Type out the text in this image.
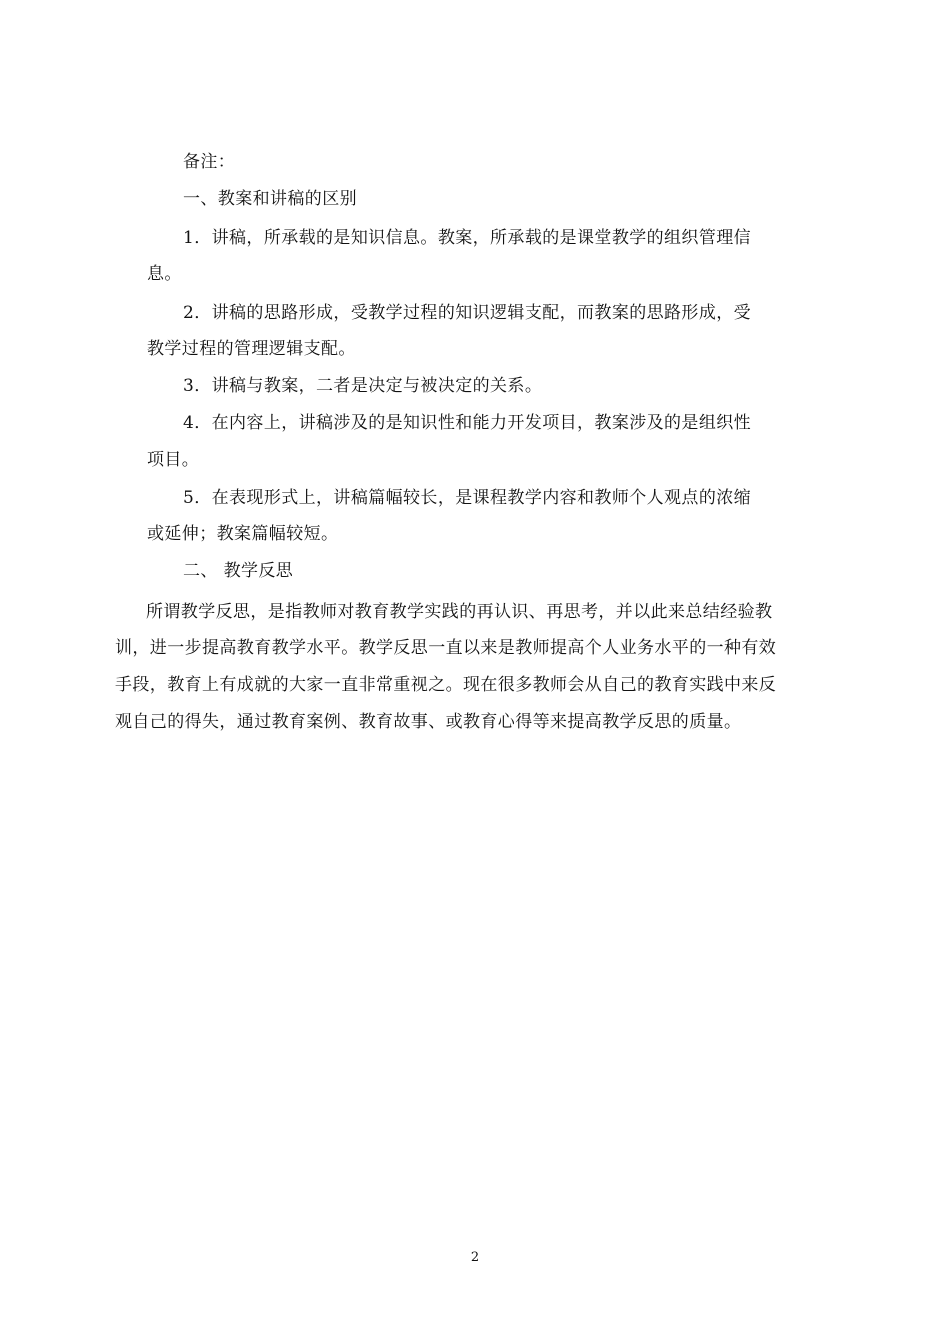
备注：
一、教案和讲稿的区别
1．讲稿，所承载的是知识信息。教案，所承载的是课堂教学的组织管理信
息。
2．讲稿的思路形成，受教学过程的知识逻辑支配，而教案的思路形成，受
教学过程的管理逻辑支配。
3．讲稿与教案，二者是决定与被决定的关系。
4．在内容上，讲稿涉及的是知识性和能力开发项目，教案涉及的是组织性
项目。
5．在表现形式上，讲稿篇幅较长，是课程教学内容和教师个人观点的浓缩
或延伸；教案篇幅较短。
二、 教学反思
所谓教学反思，是指教师对教育教学实践的再认识、再思考，并以此来总结经验教
训，进一步提高教育教学水平。教学反思一直以来是教师提高个人业务水平的一种有效
手段，教育上有成就的大家一直非常重视之。现在很多教师会从自己的教育实践中来反
观自己的得失，通过教育案例、教育故事、或教育心得等来提高教学反思的质量。
2
